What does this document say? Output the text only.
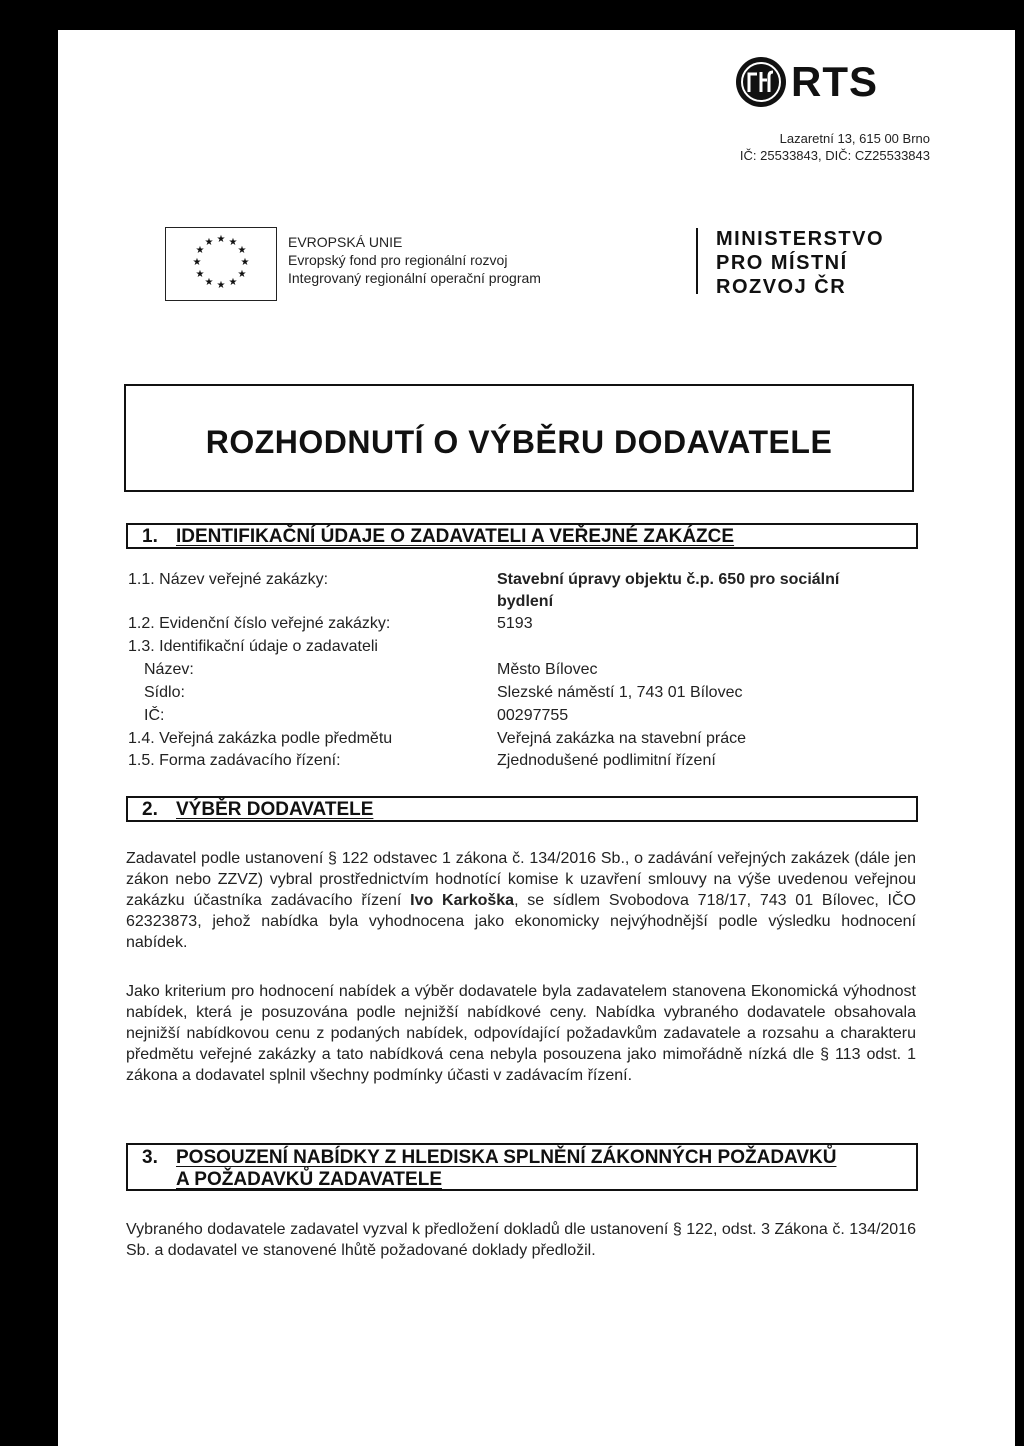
RTS
Lazaretní 13, 615 00 Brno
IČ: 25533843, DIČ: CZ25533843
★ ★
★
★
★
★
★
★
★
★
★
★	EVROPSKÁ UNIE
Evropský fond pro regionální rozvoj
Integrovaný regionální operační program
MINISTERSTVO
PRO MÍSTNÍ
ROZVOJ ČR
ROZHODNUTÍ O VÝBĚRU DODAVATELE
1. IDENTIFIKAČNÍ ÚDAJE O ZADAVATELI A VEŘEJNÉ ZAKÁZCE
1.1. Název veřejné zakázky:	Stavební úpravy objektu č.p. 650 pro sociální
bydlení
1.2. Evidenční číslo veřejné zakázky:	5193
1.3. Identifikační údaje o zadavateli
Název:	Město Bílovec
Sídlo:	Slezské náměstí 1, 743 01 Bílovec
IČ:	00297755
1.4. Veřejná zakázka podle předmětu	Veřejná zakázka na stavební práce
1.5. Forma zadávacího řízení:	Zjednodušené podlimitní řízení
2. VÝBĚR DODAVATELE
Zadavatel podle ustanovení § 122 odstavec 1 zákona č. 134/2016 Sb., o zadávání veřejných zakázek (dále jen zákon nebo ZZVZ) vybral prostřednictvím hodnotící komise k uzavření smlouvy na výše uvedenou veřejnou zakázku účastníka zadávacího řízení Ivo Karkoška, se sídlem Svobodova 718/17, 743 01 Bílovec, IČO 62323873, jehož nabídka byla vyhodnocena jako ekonomicky nejvýhodnější podle výsledku hodnocení nabídek.
Jako kriterium pro hodnocení nabídek a výběr dodavatele byla zadavatelem stanovena Ekonomická výhodnost nabídek, která je posuzována podle nejnižší nabídkové ceny. Nabídka vybraného dodavatele obsahovala nejnižší nabídkovou cenu z podaných nabídek, odpovídající požadavkům zadavatele a rozsahu a charakteru předmětu veřejné zakázky a tato nabídková cena nebyla posouzena jako mimořádně nízká dle § 113 odst. 1 zákona a dodavatel splnil všechny podmínky účasti v zadávacím řízení.
3. POSOUZENÍ NABÍDKY Z HLEDISKA SPLNĚNÍ ZÁKONNÝCH POŽADAVKŮ
A POŽADAVKŮ ZADAVATELE
Vybraného dodavatele zadavatel vyzval k předložení dokladů dle ustanovení § 122, odst. 3 Zákona č. 134/2016 Sb. a dodavatel ve stanovené lhůtě požadované doklady předložil.
